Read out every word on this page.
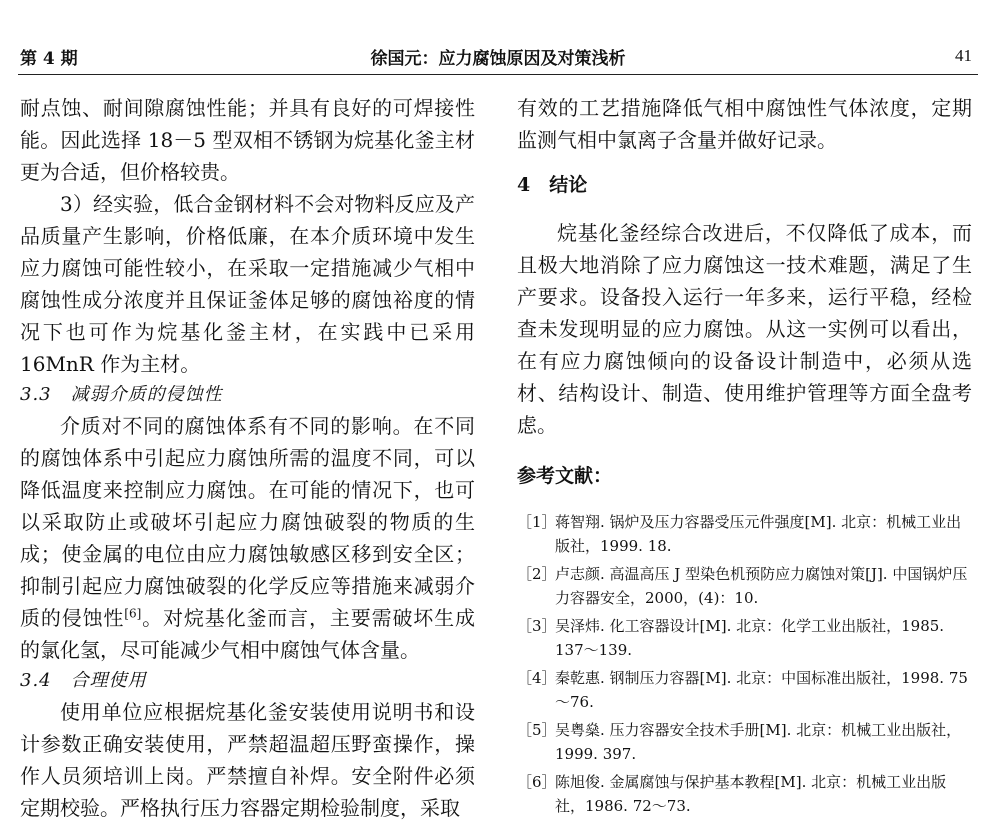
第 4 期	徐国元：应力腐蚀原因及对策浅析	41

耐点蚀、耐间隙腐蚀性能；并具有良好的可焊接性能。因此选择 18－5 型双相不锈钢为烷基化釜主材更为合适，但价格较贵。

3）经实验，低合金钢材料不会对物料反应及产品质量产生影响，价格低廉，在本介质环境中发生应力腐蚀可能性较小，在采取一定措施减少气相中腐蚀性成分浓度并且保证釜体足够的腐蚀裕度的情况下也可作为烷基化釜主材，在实践中已采用 16MnR 作为主材。

3.3　减弱介质的侵蚀性

介质对不同的腐蚀体系有不同的影响。在不同的腐蚀体系中引起应力腐蚀所需的温度不同，可以降低温度来控制应力腐蚀。在可能的情况下，也可以采取防止或破坏引起应力腐蚀破裂的物质的生成；使金属的电位由应力腐蚀敏感区移到安全区；抑制引起应力腐蚀破裂的化学反应等措施来减弱介质的侵蚀性[6]。对烷基化釜而言，主要需破坏生成的氯化氢，尽可能减少气相中腐蚀气体含量。

3.4　合理使用

使用单位应根据烷基化釜安装使用说明书和设计参数正确安装使用，严禁超温超压野蛮操作，操作人员须培训上岗。严禁擅自补焊。安全附件必须定期校验。严格执行压力容器定期检验制度，采取

有效的工艺措施降低气相中腐蚀性气体浓度，定期监测气相中氯离子含量并做好记录。

4　结论

烷基化釜经综合改进后，不仅降低了成本，而且极大地消除了应力腐蚀这一技术难题，满足了生产要求。设备投入运行一年多来，运行平稳，经检查未发现明显的应力腐蚀。从这一实例可以看出，在有应力腐蚀倾向的设备设计制造中，必须从选材、结构设计、制造、使用维护管理等方面全盘考虑。

参考文献：

［1］
蒋智翔. 锅炉及压力容器受压元件强度[M]. 北京：机械工业出版社，1999. 18.
［2］
卢志颜. 高温高压 J 型染色机预防应力腐蚀对策[J]. 中国锅炉压力容器安全，2000，(4)：10.
［3］
吴泽炜. 化工容器设计[M]. 北京：化学工业出版社，1985. 137～139.
［4］
秦乾惠. 钢制压力容器[M]. 北京：中国标准出版社，1998. 75～76.
［5］
吴粤燊. 压力容器安全技术手册[M]. 北京：机械工业出版社，1999. 397.
［6］
陈旭俊. 金属腐蚀与保护基本教程[M]. 北京：机械工业出版社，1986. 72～73.
